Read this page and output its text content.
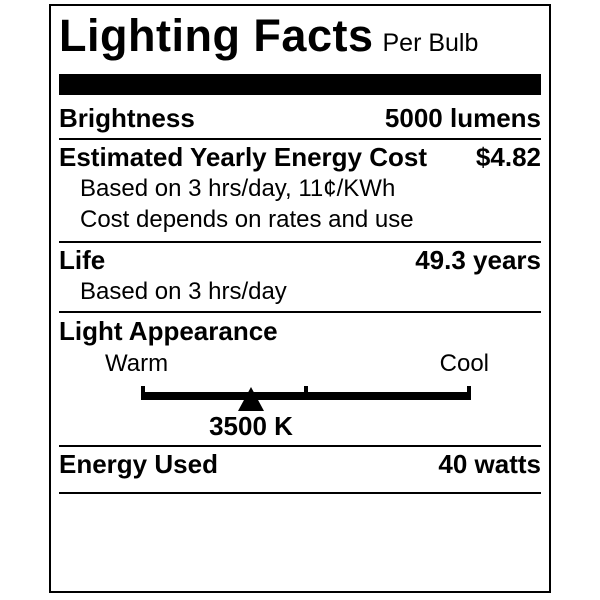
Lighting Facts Per Bulb
Brightness	5000 lumens
Estimated Yearly Energy Cost $4.82
Based on 3 hrs/day, 11¢/KWh
Cost depends on rates and use
Life	49.3 years
Based on 3 hrs/day
Light Appearance
Warm	Cool
3500 K
Energy Used	40 watts
